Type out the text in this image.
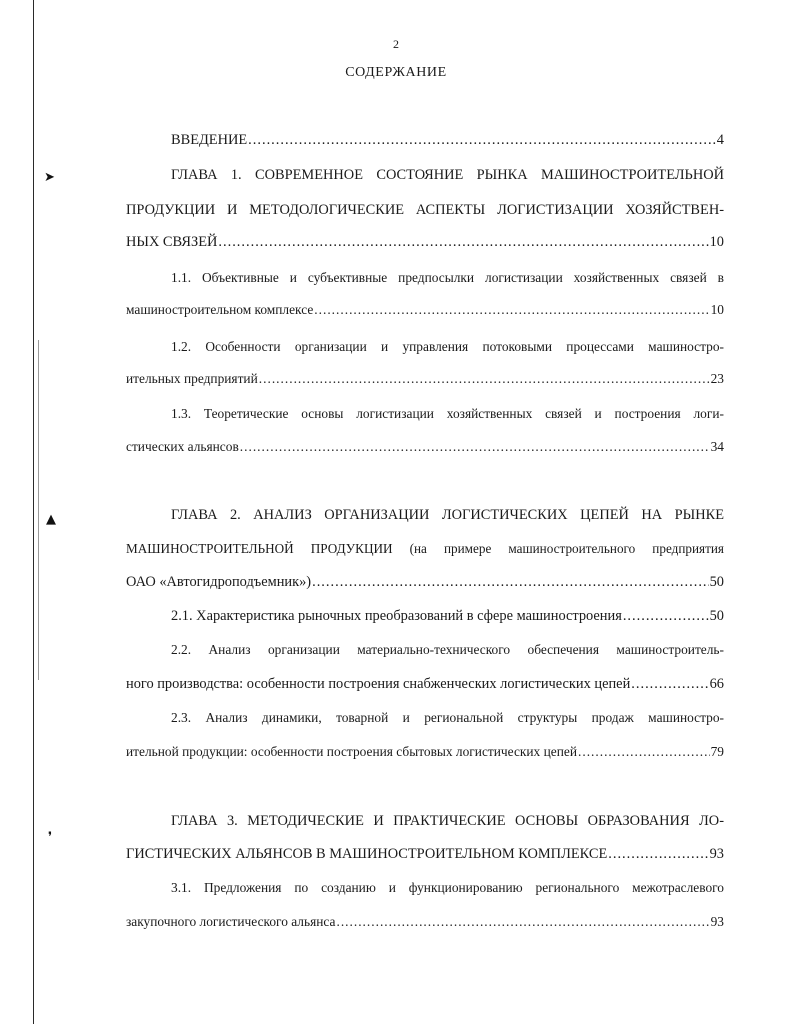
➤
▲
❜
2
СОДЕРЖАНИЕ
ВВЕДЕНИЕ .....	4
ГЛАВА 1. СОВРЕМЕННОЕ СОСТОЯНИЕ РЫНКА МАШИНОСТРОИТЕЛЬНОЙ
ПРОДУКЦИИ И МЕТОДОЛОГИЧЕСКИЕ АСПЕКТЫ ЛОГИСТИЗАЦИИ ХОЗЯЙСТВЕН-
НЫХ СВЯЗЕЙ .....	10
1.1. Объективные и субъективные предпосылки логистизации хозяйственных связей в
машиностроительном комплексе .....	10
1.2. Особенности организации и управления потоковыми процессами машиностро-
ительных предприятий .....	23
1.3. Теоретические основы логистизации хозяйственных связей и построения логи-
стических альянсов .....	34
ГЛАВА 2. АНАЛИЗ ОРГАНИЗАЦИИ ЛОГИСТИЧЕСКИХ ЦЕПЕЙ НА РЫНКЕ
МАШИНОСТРОИТЕЛЬНОЙ ПРОДУКЦИИ (на примере машиностроительного предприятия
ОАО «Автогидроподъемник») .....	50
2.1. Характеристика рыночных преобразований в сфере машиностроения .....	50
2.2. Анализ организации материально-технического обеспечения машиностроитель-
ного производства: особенности построения снабженческих логистических цепей .....	66
2.3. Анализ динамики, товарной и региональной структуры продаж машиностро-
ительной продукции: особенности построения сбытовых логистических цепей .....	79
ГЛАВА 3. МЕТОДИЧЕСКИЕ И ПРАКТИЧЕСКИЕ ОСНОВЫ ОБРАЗОВАНИЯ ЛО-
ГИСТИЧЕСКИХ АЛЬЯНСОВ В МАШИНОСТРОИТЕЛЬНОМ КОМПЛЕКСЕ .....	93
3.1. Предложения по созданию и функционированию регионального межотраслевого
закупочного логистического альянса .....	93
